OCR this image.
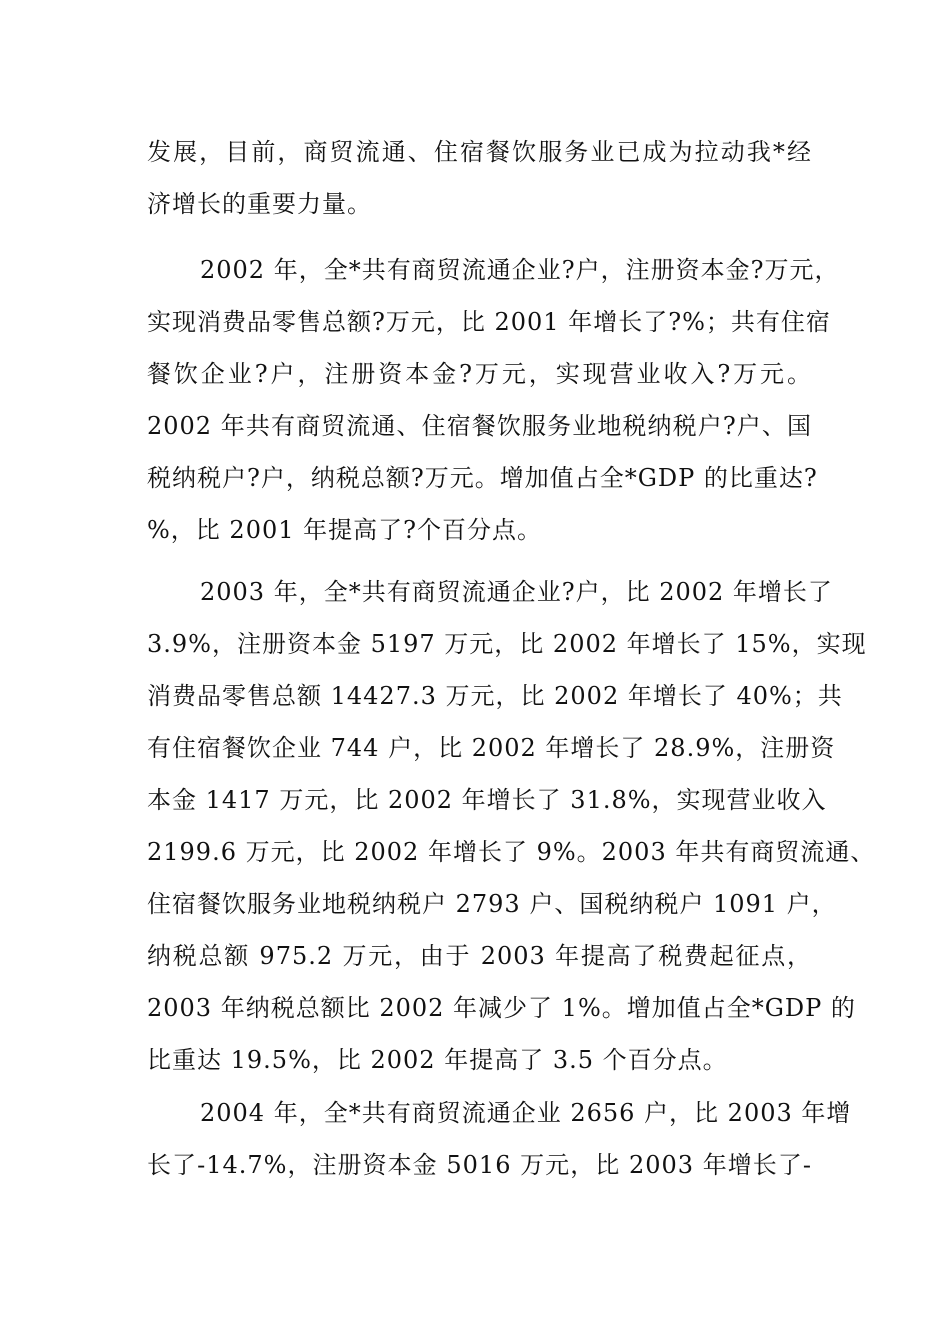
发展，目前，商贸流通、住宿餐饮服务业已成为拉动我*经
济增长的重要力量。
2002 年，全*共有商贸流通企业?户，注册资本金?万元，
实现消费品零售总额?万元，比 2001 年增长了?%；共有住宿
餐饮企业?户，注册资本金?万元，实现营业收入?万元。
2002 年共有商贸流通、住宿餐饮服务业地税纳税户?户、国
税纳税户?户，纳税总额?万元。增加值占全*GDP 的比重达?
%，比 2001 年提高了?个百分点。
2003 年，全*共有商贸流通企业?户，比 2002 年增长了
3.9%，注册资本金 5197 万元，比 2002 年增长了 15%，实现
消费品零售总额 14427.3 万元，比 2002 年增长了 40%；共
有住宿餐饮企业 744 户，比 2002 年增长了 28.9%，注册资
本金 1417 万元，比 2002 年增长了 31.8%，实现营业收入
2199.6 万元，比 2002 年增长了 9%。2003 年共有商贸流通、
住宿餐饮服务业地税纳税户 2793 户、国税纳税户 1091 户，
纳税总额 975.2 万元，由于 2003 年提高了税费起征点，
2003 年纳税总额比 2002 年减少了 1%。增加值占全*GDP 的
比重达 19.5%，比 2002 年提高了 3.5 个百分点。
2004 年，全*共有商贸流通企业 2656 户，比 2003 年增
长了-14.7%，注册资本金 5016 万元，比 2003 年增长了-
